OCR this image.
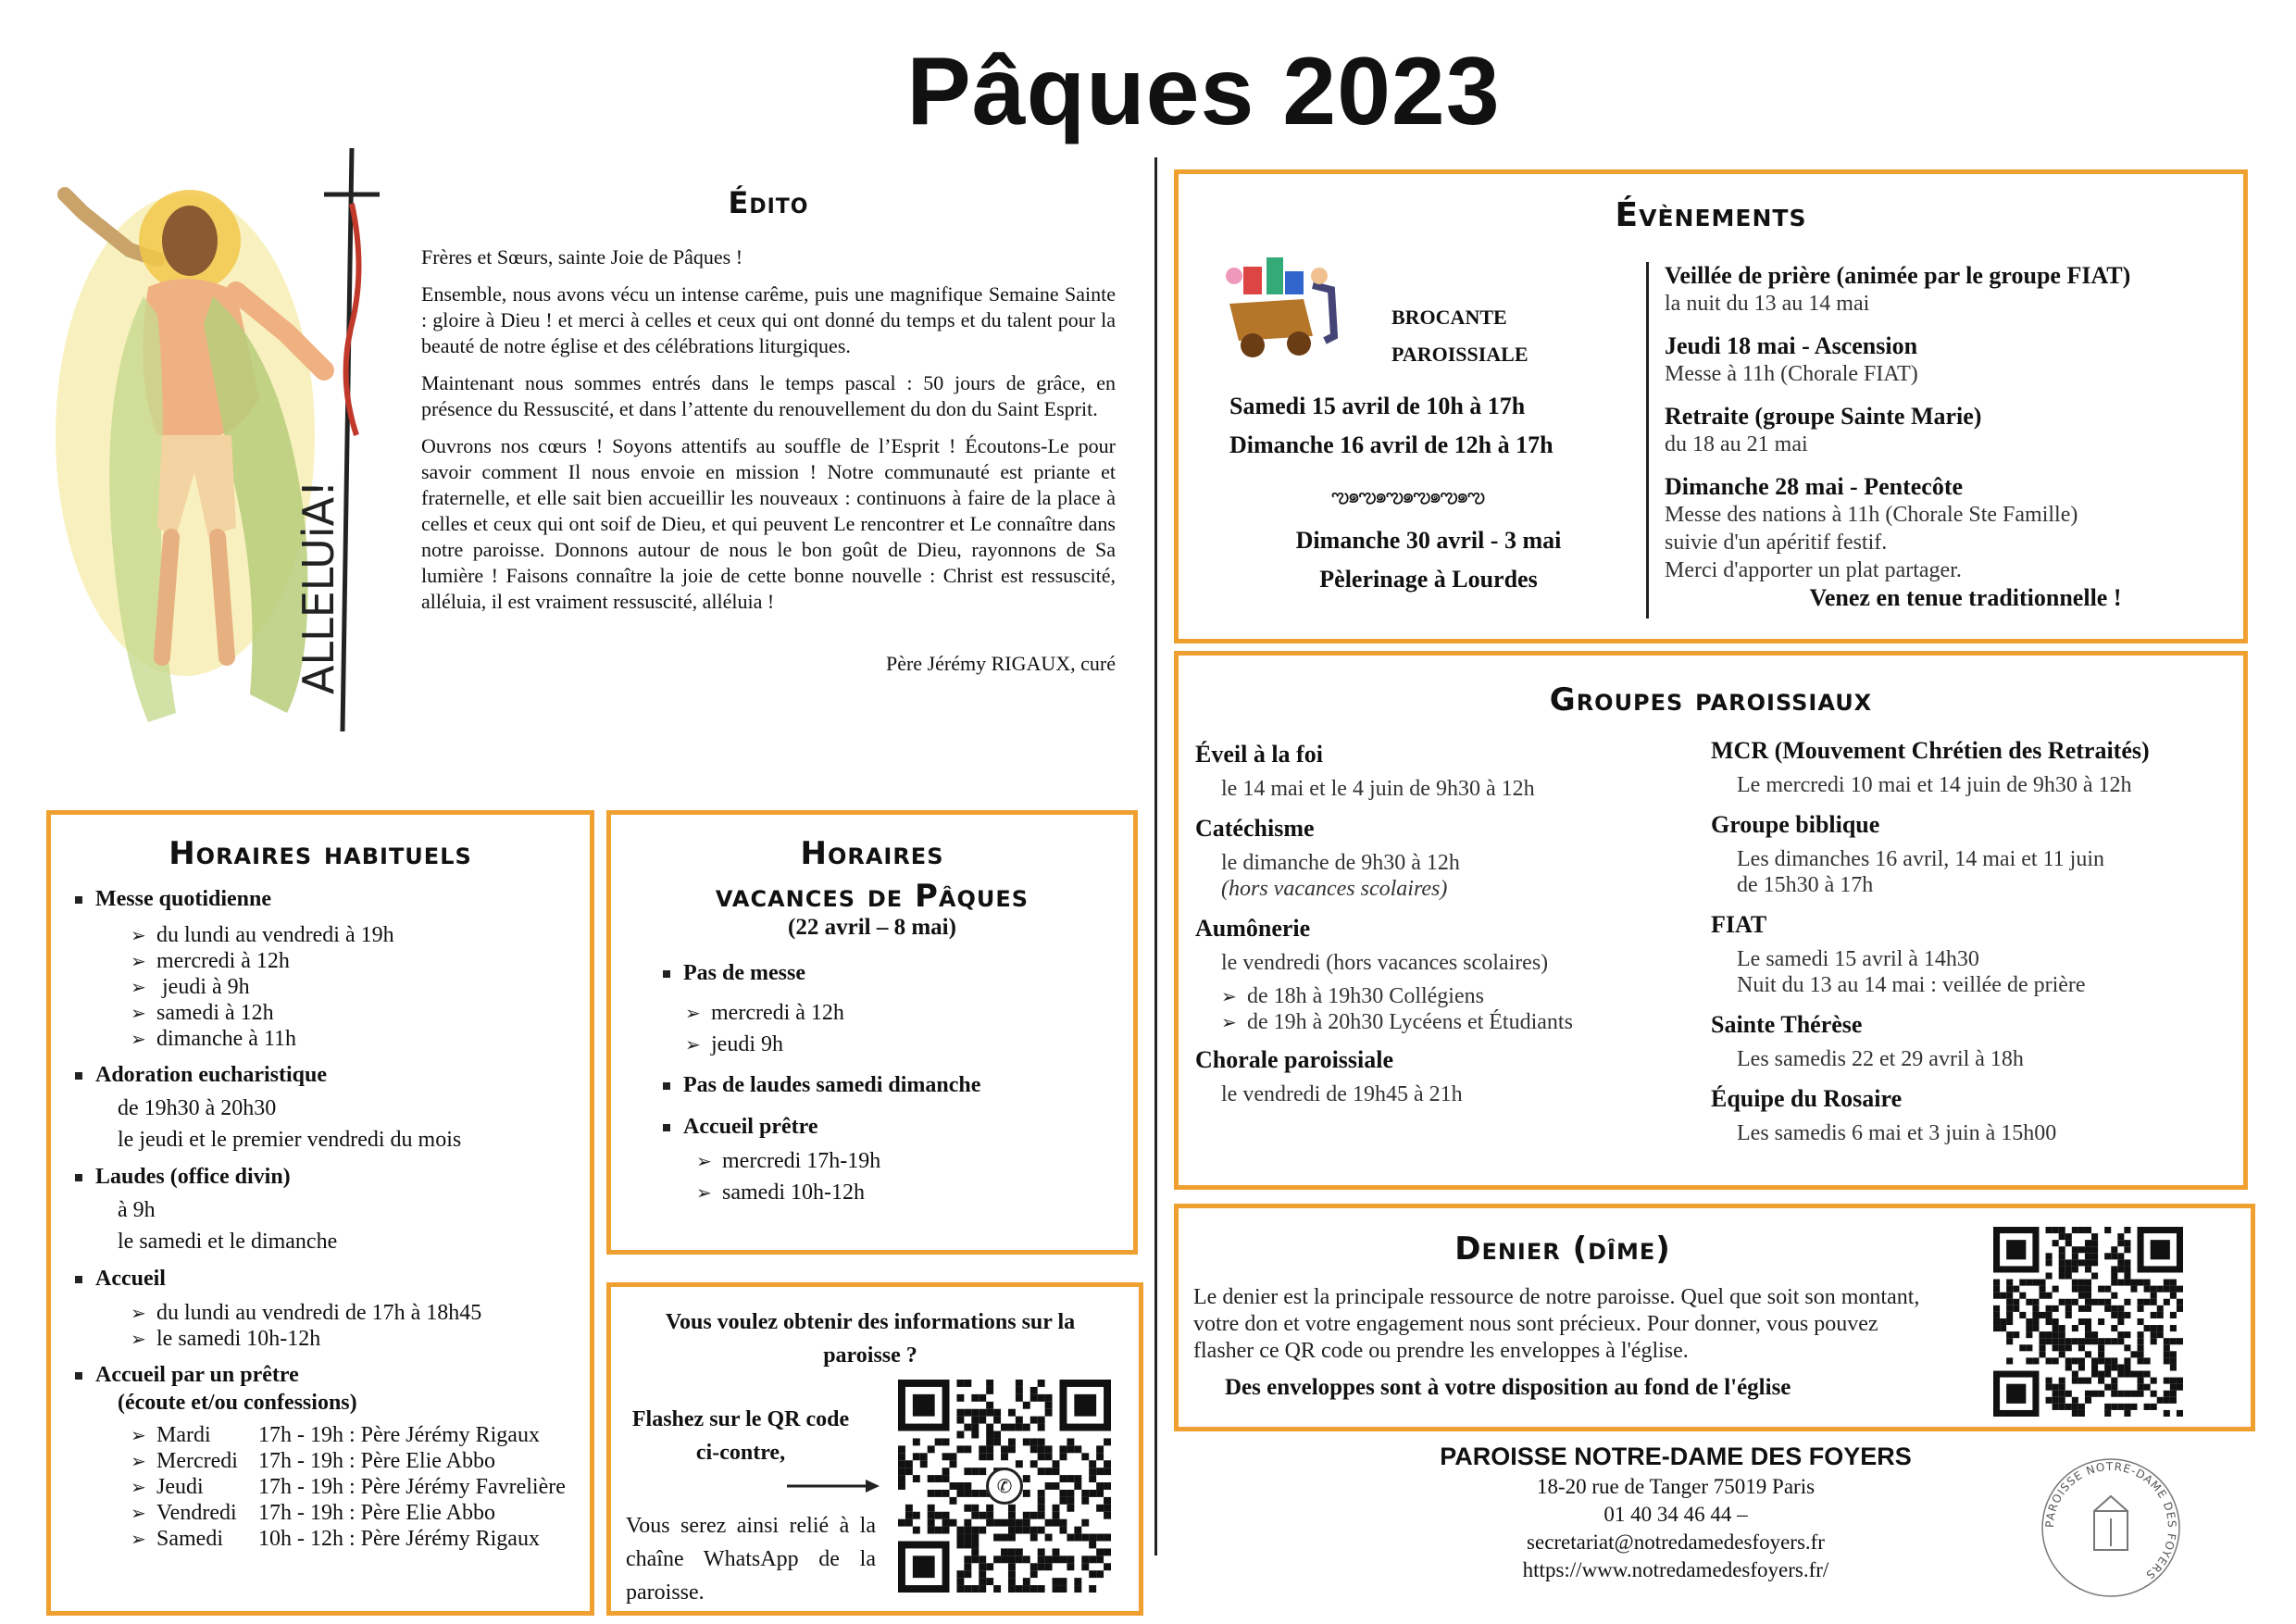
Pâques 2023
ALLELUiA!
Édito

Frères et Sœurs, sainte Joie de Pâques !

Ensemble, nous avons vécu un intense carême, puis une magnifique Semaine Sainte : gloire à Dieu ! et merci à celles et ceux qui ont donné du temps et du talent pour la beauté de notre église et des célébrations liturgiques.

Maintenant nous sommes entrés dans le temps pascal : 50 jours de grâce, en présence du Ressuscité, et dans l’attente du renouvellement du don du Saint Esprit.

Ouvrons nos cœurs ! Soyons attentifs au souffle de l’Esprit ! Écoutons-Le pour savoir comment Il nous envoie en mission ! Notre communauté est priante et fraternelle, et elle sait bien accueillir les nouveaux : continuons à faire de la place à celles et ceux qui ont soif de Dieu, et qui peuvent Le rencontrer et Le connaître dans notre paroisse. Donnons autour de nous le bon goût de Dieu, rayonnons de Sa lumière ! Faisons connaître la joie de cette bonne nouvelle : Christ est ressuscité, alléluia, il est vraiment ressuscité, alléluia !

Père Jérémy RIGAUX, curé
Horaires habituels
Messe quotidienne
➢ du lundi au vendredi à 19h
➢ mercredi à 12h
➢ jeudi à 9h
➢ samedi à 12h
➢ dimanche à 11h
Adoration eucharistique
de 19h30 à 20h30
le jeudi et le premier vendredi du mois
Laudes (office divin)
à 9h
le samedi et le dimanche
Accueil
➢ du lundi au vendredi de 17h à 18h45
➢ le samedi 10h-12h
Accueil par un prêtre
(écoute et/ou confessions)
➢ Mardi 17h - 19h : Père Jérémy Rigaux
➢ Mercredi 17h - 19h : Père Elie Abbo
➢ Jeudi 17h - 19h : Père Jérémy Favrelière
➢ Vendredi 17h - 19h : Père Elie Abbo
➢ Samedi 10h - 12h : Père Jérémy Rigaux
Horaires
vacances de Pâques
(22 avril – 8 mai)
Pas de messe
➢ mercredi à 12h
➢ jeudi 9h
Pas de laudes samedi dimanche
Accueil prêtre
➢ mercredi 17h-19h
➢ samedi 10h-12h
Vous voulez obtenir des informations sur la paroisse ?
Flashez sur le QR code ci-contre,
Vous serez ainsi relié à la chaîne WhatsApp de la paroisse.
✆
Évènements
BROCANTE
PAROISSIALE
Samedi 15 avril de 10h à 17h
Dimanche 16 avril de 12h à 17h
ఌ๑ఌ๑ఌ๑ఌ๑ఌ๑ఌ
Dimanche 30 avril - 3 mai
Pèlerinage à Lourdes
Veillée de prière (animée par le groupe FIAT)
la nuit du 13 au 14 mai
Jeudi 18 mai - Ascension
Messe à 11h (Chorale FIAT)
Retraite (groupe Sainte Marie)
du 18 au 21 mai
Dimanche 28 mai - Pentecôte
Messe des nations à 11h (Chorale Ste Famille)
suivie d'un apéritif festif.
Merci d'apporter un plat partager.
Venez en tenue traditionnelle !
Groupes paroissiaux
Éveil à la foi
le 14 mai et le 4 juin de 9h30 à 12h
Catéchisme
le dimanche de 9h30 à 12h
(hors vacances scolaires)
Aumônerie
le vendredi (hors vacances scolaires)
➢ de 18h à 19h30 Collégiens
➢ de 19h à 20h30 Lycéens et Étudiants
Chorale paroissiale
le vendredi de 19h45 à 21h
MCR (Mouvement Chrétien des Retraités)
Le mercredi 10 mai et 14 juin de 9h30 à 12h
Groupe biblique
Les dimanches 16 avril, 14 mai et 11 juin
de 15h30 à 17h
FIAT
Le samedi 15 avril à 14h30
Nuit du 13 au 14 mai : veillée de prière
Sainte Thérèse
Les samedis 22 et 29 avril à 18h
Équipe du Rosaire
Les samedis 6 mai et 3 juin à 15h00
Denier (dîme)
Le denier est la principale ressource de notre paroisse. Quel que soit son montant, votre don et votre engagement nous sont précieux. Pour donner, vous pouvez flasher ce QR code ou prendre les enveloppes à l'église.
Des enveloppes sont à votre disposition au fond de l'église
PAROISSE NOTRE-DAME DES FOYERS
18-20 rue de Tanger 75019 Paris
01 40 34 46 44 –
secretariat@notredamedesfoyers.fr
https://www.notredamedesfoyers.fr/
PAROISSE NOTRE-DAME DES FOYERS
